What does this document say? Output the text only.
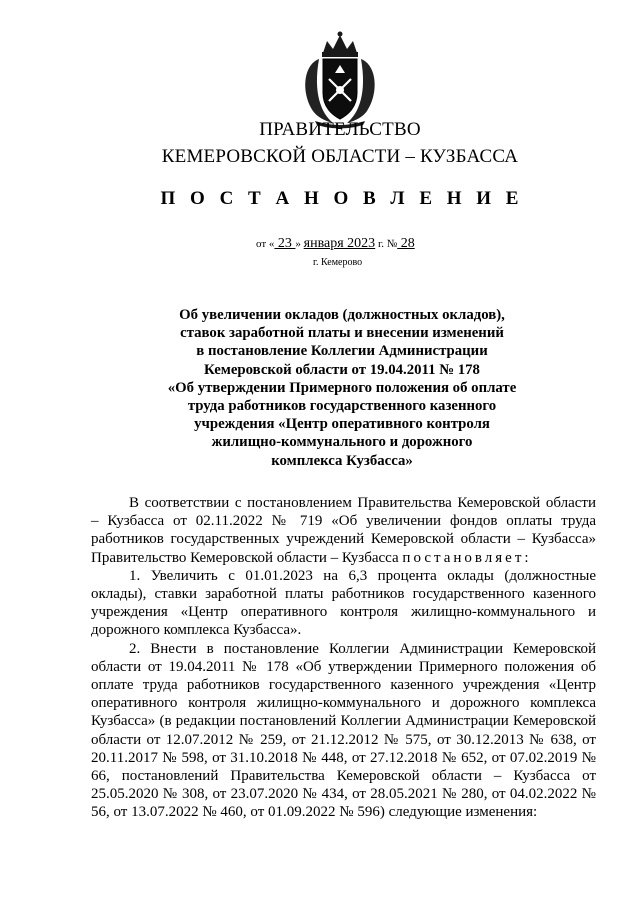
ПРАВИТЕЛЬСТВО
КЕМЕРОВСКОЙ ОБЛАСТИ – КУЗБАССА
П О С Т А Н О В Л Е Н И Е
от « 23 » января 2023 г. № 28
г. Кемерово
Об увеличении окладов (должностных окладов),
ставок заработной платы и внесении изменений
в постановление Коллегии Администрации
Кемеровской области от 19.04.2011 № 178
«Об утверждении Примерного положения об оплате
труда работников государственного казенного
учреждения «Центр оперативного контроля
жилищно-коммунального и дорожного
комплекса Кузбасса»

В соответствии с постановлением Правительства Кемеровской области – Кузбасса от 02.11.2022 № 719 «Об увеличении фондов оплаты труда работников государственных учреждений Кемеровской области – Кузбасса» Правительство Кемеровской области – Кузбасса постановляет:

1. Увеличить с 01.01.2023 на 6,3 процента оклады (должностные оклады), ставки заработной платы работников государственного казенного учреждения «Центр оперативного контроля жилищно-коммунального и дорожного комплекса Кузбасса».

2. Внести в постановление Коллегии Администрации Кемеровской области от 19.04.2011 № 178 «Об утверждении Примерного положения об оплате труда работников государственного казенного учреждения «Центр оперативного контроля жилищно-коммунального и дорожного комплекса Кузбасса» (в редакции постановлений Коллегии Администрации Кемеровской области от 12.07.2012 № 259, от 21.12.2012 № 575, от 30.12.2013 № 638, от 20.11.2017 № 598, от 31.10.2018 № 448, от 27.12.2018 № 652, от 07.02.2019 № 66, постановлений Правительства Кемеровской области – Кузбасса от 25.05.2020 № 308, от 23.07.2020 № 434, от 28.05.2021 № 280, от 04.02.2022 № 56, от 13.07.2022 № 460, от 01.09.2022 № 596) следующие изменения:
